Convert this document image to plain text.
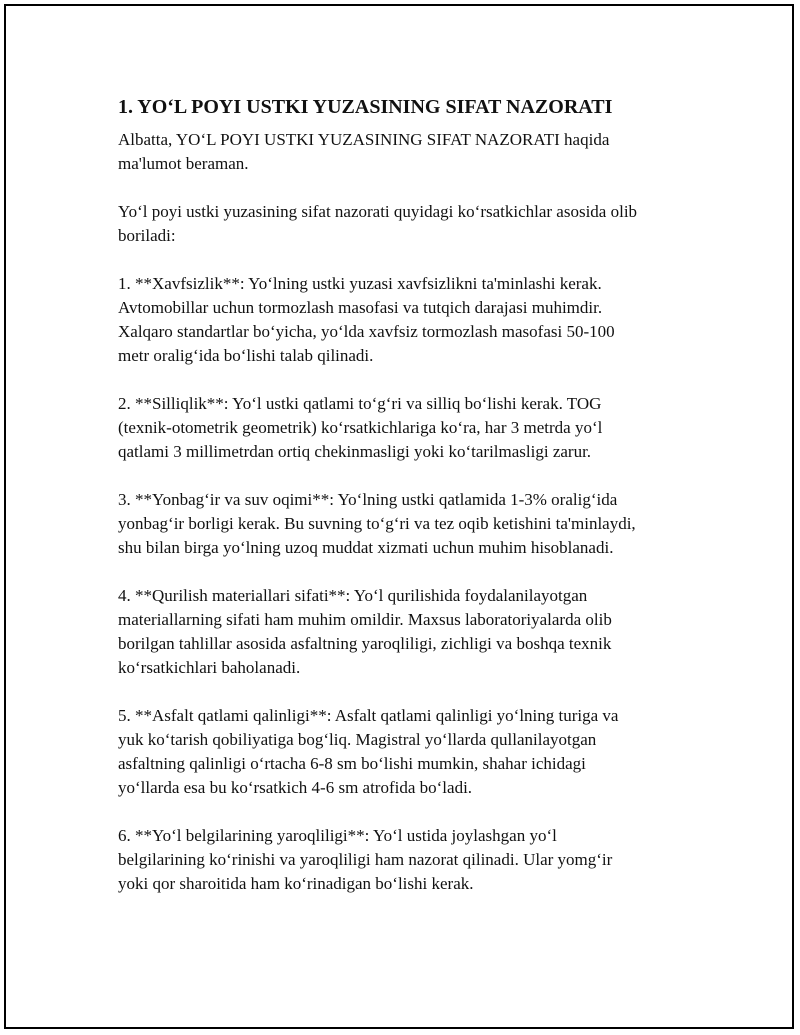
1. YO‘L POYI USTKI YUZASINING SIFAT NAZORATI
Albatta, YO‘L POYI USTKI YUZASINING SIFAT NAZORATI haqida
ma'lumot beraman.
Yo‘l poyi ustki yuzasining sifat nazorati quyidagi ko‘rsatkichlar asosida olib
boriladi:
1. **Xavfsizlik**: Yo‘lning ustki yuzasi xavfsizlikni ta'minlashi kerak.
Avtomobillar uchun tormozlash masofasi va tutqich darajasi muhimdir.
Xalqaro standartlar bo‘yicha, yo‘lda xavfsiz tormozlash masofasi 50-100
metr oralig‘ida bo‘lishi talab qilinadi.
2. **Silliqlik**: Yo‘l ustki qatlami to‘g‘ri va silliq bo‘lishi kerak. TOG
(texnik-otometrik geometrik) ko‘rsatkichlariga ko‘ra, har 3 metrda yo‘l
qatlami 3 millimetrdan ortiq chekinmasligi yoki ko‘tarilmasligi zarur.
3. **Yonbag‘ir va suv oqimi**: Yo‘lning ustki qatlamida 1-3% oralig‘ida
yonbag‘ir borligi kerak. Bu suvning to‘g‘ri va tez oqib ketishini ta'minlaydi,
shu bilan birga yo‘lning uzoq muddat xizmati uchun muhim hisoblanadi.
4. **Qurilish materiallari sifati**: Yo‘l qurilishida foydalanilayotgan
materiallarning sifati ham muhim omildir. Maxsus laboratoriyalarda olib
borilgan tahlillar asosida asfaltning yaroqliligi, zichligi va boshqa texnik
ko‘rsatkichlari baholanadi.
5. **Asfalt qatlami qalinligi**: Asfalt qatlami qalinligi yo‘lning turiga va
yuk ko‘tarish qobiliyatiga bog‘liq. Magistral yo‘llarda qullanilayotgan
asfaltning qalinligi o‘rtacha 6-8 sm bo‘lishi mumkin, shahar ichidagi
yo‘llarda esa bu ko‘rsatkich 4-6 sm atrofida bo‘ladi.
6. **Yo‘l belgilarining yaroqliligi**: Yo‘l ustida joylashgan yo‘l
belgilarining ko‘rinishi va yaroqliligi ham nazorat qilinadi. Ular yomg‘ir
yoki qor sharoitida ham ko‘rinadigan bo‘lishi kerak.
